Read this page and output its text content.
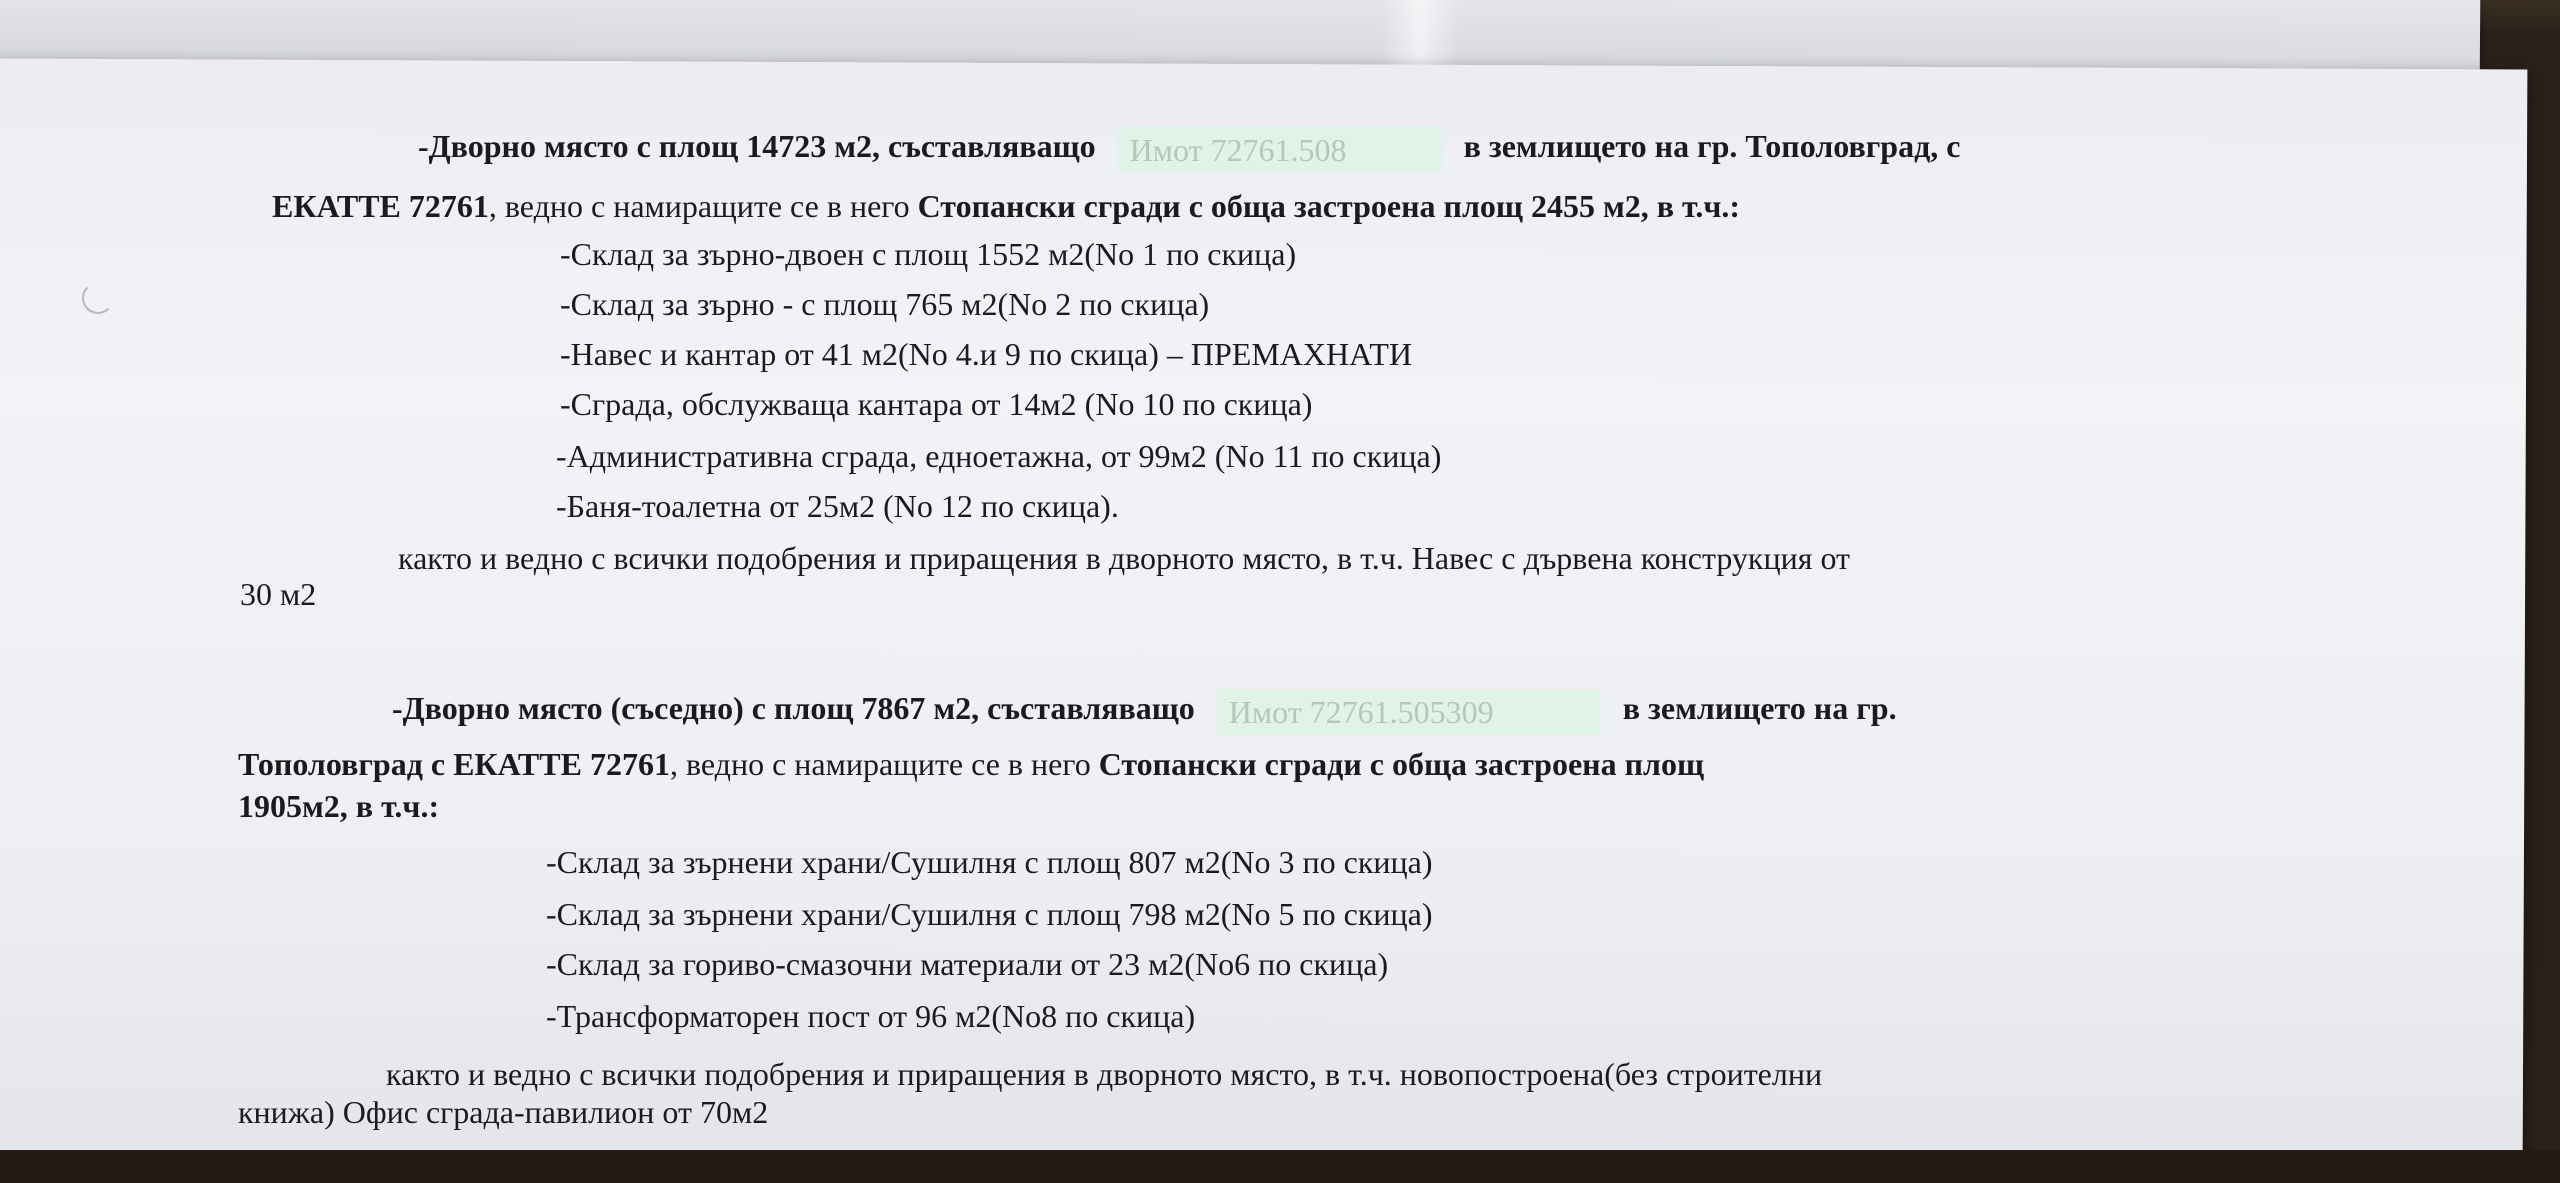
-Дворно място с площ 14723 м2, съставляващо Имот 72761.508	в землището на гр. Тополовград, с
ЕКАТТЕ 72761, ведно с намиращите се в него Стопански сгради с обща застроена площ 2455 м2, в т.ч.:
-Склад за зърно-двоен с площ 1552 м2(No 1 по скица)
-Склад за зърно - с площ 765 м2(No 2 по скица)
-Навес и кантар от 41 м2(No 4.и 9 по скица) – ПРЕМАХНАТИ
-Сграда, обслужваща кантара от 14м2 (No 10 по скица)
-Административна сграда, едноетажна, от 99м2 (No 11 по скица)
-Баня-тоалетна от 25м2 (No 12 по скица).
както и ведно с всички подобрения и приращения в дворното място, в т.ч. Навес с дървена конструкция от
30 м2
-Дворно място (съседно) с площ 7867 м2, съставляващо Имот 72761.505309	в землището на гр.
Тополовград с ЕКАТТЕ 72761, ведно с намиращите се в него Стопански сгради с обща застроена площ
1905м2, в т.ч.:
-Склад за зърнени храни/Сушилня с площ 807 м2(No 3 по скица)
-Склад за зърнени храни/Сушилня с площ 798 м2(No 5 по скица)
-Склад за гориво-смазочни материали от 23 м2(No6 по скица)
-Трансформаторен пост от 96 м2(No8 по скица)
както и ведно с всички подобрения и приращения в дворното място, в т.ч. новопостроена(без строителни
книжа) Офис сграда-павилион от 70м2
